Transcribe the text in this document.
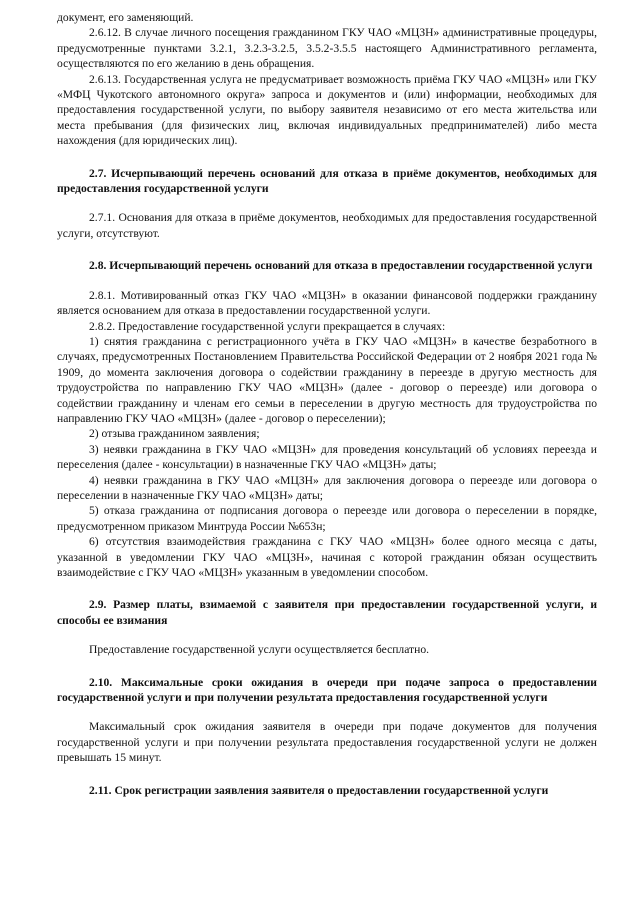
документ, его заменяющий.

2.6.12. В случае личного посещения гражданином ГКУ ЧАО «МЦЗН» административные процедуры, предусмотренные пунктами 3.2.1, 3.2.3-3.2.5, 3.5.2-3.5.5 настоящего Административного регламента, осуществляются по его желанию в день обращения.

2.6.13. Государственная услуга не предусматривает возможность приёма ГКУ ЧАО «МЦЗН» или ГКУ «МФЦ Чукотского автономного округа» запроса и документов и (или) информации, необходимых для предоставления государственной услуги, по выбору заявителя независимо от его места жительства или места пребывания (для физических лиц, включая индивидуальных предпринимателей) либо места нахождения (для юридических лиц).

2.7. Исчерпывающий перечень оснований для отказа в приёме документов, необходимых для предоставления государственной услуги

2.7.1. Основания для отказа в приёме документов, необходимых для предоставления государственной услуги, отсутствуют.

2.8. Исчерпывающий перечень оснований для отказа в предоставлении государственной услуги

2.8.1. Мотивированный отказ ГКУ ЧАО «МЦЗН» в оказании финансовой поддержки гражданину является основанием для отказа в предоставлении государственной услуги.

2.8.2. Предоставление государственной услуги прекращается в случаях:

1) снятия гражданина с регистрационного учёта в ГКУ ЧАО «МЦЗН» в качестве безработного в случаях, предусмотренных Постановлением Правительства Российской Федерации от 2 ноября 2021 года № 1909, до момента заключения договора о содействии гражданину в переезде в другую местность для трудоустройства по направлению ГКУ ЧАО «МЦЗН» (далее - договор о переезде) или договора о содействии гражданину и членам его семьи в переселении в другую местность для трудоустройства по направлению ГКУ ЧАО «МЦЗН» (далее - договор о переселении);

2) отзыва гражданином заявления;

3) неявки гражданина в ГКУ ЧАО «МЦЗН» для проведения консультаций об условиях переезда и переселения (далее - консультации) в назначенные ГКУ ЧАО «МЦЗН» даты;

4) неявки гражданина в ГКУ ЧАО «МЦЗН» для заключения договора о переезде или договора о переселении в назначенные ГКУ ЧАО «МЦЗН» даты;

5) отказа гражданина от подписания договора о переезде или договора о переселении в порядке, предусмотренном приказом Минтруда России №653н;

6) отсутствия взаимодействия гражданина с ГКУ ЧАО «МЦЗН» более одного месяца с даты, указанной в уведомлении ГКУ ЧАО «МЦЗН», начиная с которой гражданин обязан осуществить взаимодействие с ГКУ ЧАО «МЦЗН» указанным в уведомлении способом.

2.9. Размер платы, взимаемой с заявителя при предоставлении государственной услуги, и способы ее взимания

Предоставление государственной услуги осуществляется бесплатно.

2.10. Максимальные сроки ожидания в очереди при подаче запроса о предоставлении государственной услуги и при получении результата предоставления государственной услуги

Максимальный срок ожидания заявителя в очереди при подаче документов для получения государственной услуги и при получении результата предоставления государственной услуги не должен превышать 15 минут.

2.11. Срок регистрации заявления заявителя о предоставлении государственной услуги
